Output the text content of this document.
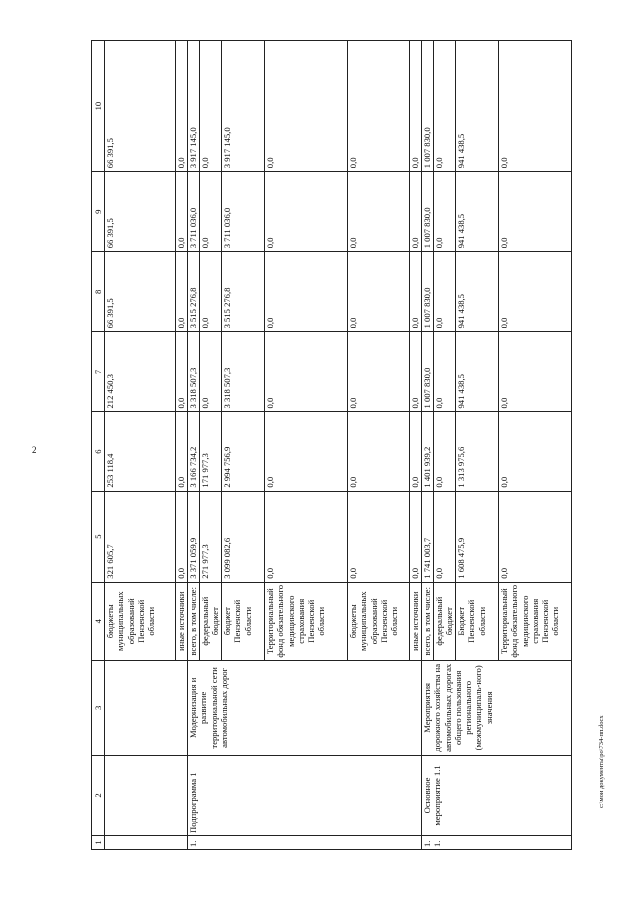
2
c:\мои документы\ро\734-пп.docx
1	2	3	4	5	6	7	8	9	10
			бюджеты муниципальных образований Пензенской области	321 605,7	253 118,4	212 450,3	66 391,5	66 391,5	66 391,5
			иные источники	0,0	0,0	0,0	0,0	0,0	0,0
1.	Подпрограмма 1	Модернизация и развитие территориальной сети автомобильных дорог	всего, в том числе:	3 371 059,9	3 166 734,2	3 318 507,3	3 515 276,8	3 711 036,0	3 917 145,0
			федеральный бюджет	271 977,3	171 977,3	0,0	0,0	0,0	0,0
			бюджет Пензенской области	3 099 082,6	2 994 756,9	3 318 507,3	3 515 276,8	3 711 036,0	3 917 145,0
			Территориальный фонд обязательного медицинского страхования Пензенской области	0,0	0,0	0,0	0,0	0,0	0,0
			бюджеты муниципальных образований Пензенской области	0,0	0,0	0,0	0,0	0,0	0,0
			иные источники	0,0	0,0	0,0	0,0	0,0	0,0
1.1.	Основное мероприятие 1.1	Мероприятия дорожного хозяйства на автомобильных дорогах общего пользования регионального (межмуниципаль-ного) значения	всего, в том числе:	1 741 003,7	1 401 939,2	1 007 830,0	1 007 830,0	1 007 830,0	1 007 830,0
			федеральный бюджет	0,0	0,0	0,0	0,0	0,0	0,0
			Бюджет Пензенской области	1 608 475,9	1 313 975,6	941 438,5	941 438,5	941 438,5	941 438,5
			Территориальный фонд обязательного медицинского страхования Пензенской области	0,0	0,0	0,0	0,0	0,0	0,0
